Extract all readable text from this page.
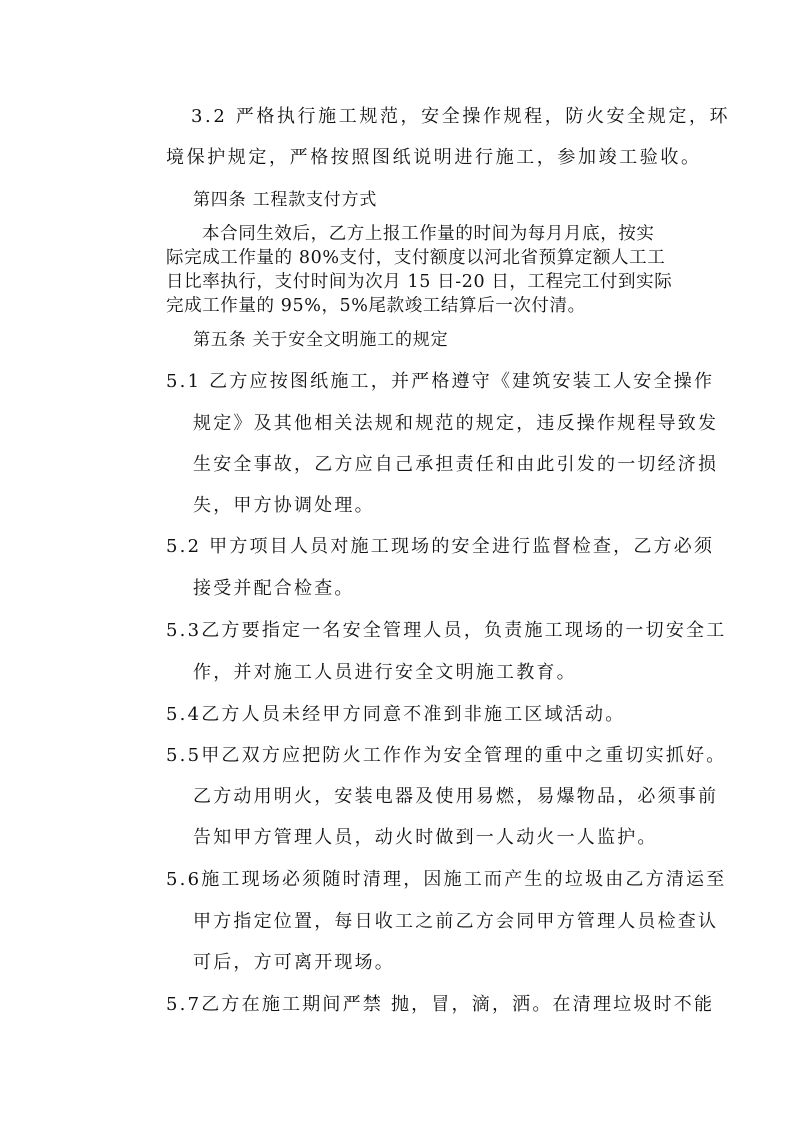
3.2 严格执行施工规范，安全操作规程，防火安全规定，环
境保护规定，严格按照图纸说明进行施工，参加竣工验收。
第四条 工程款支付方式
本合同生效后，乙方上报工作量的时间为每月月底，按实
际完成工作量的 80%支付，支付额度以河北省预算定额人工工
日比率执行，支付时间为次月 15 日-20 日，工程完工付到实际
完成工作量的 95%，5%尾款竣工结算后一次付清。
第五条 关于安全文明施工的规定
5.1 乙方应按图纸施工，并严格遵守《建筑安装工人安全操作
规定》及其他相关法规和规范的规定，违反操作规程导致发
生安全事故，乙方应自己承担责任和由此引发的一切经济损
失，甲方协调处理。
5.2 甲方项目人员对施工现场的安全进行监督检查，乙方必须
接受并配合检查。
5.3乙方要指定一名安全管理人员，负责施工现场的一切安全工
作，并对施工人员进行安全文明施工教育。
5.4乙方人员未经甲方同意不准到非施工区域活动。
5.5甲乙双方应把防火工作作为安全管理的重中之重切实抓好。
乙方动用明火，安装电器及使用易燃，易爆物品，必须事前
告知甲方管理人员，动火时做到一人动火一人监护。
5.6施工现场必须随时清理，因施工而产生的垃圾由乙方清运至
甲方指定位置，每日收工之前乙方会同甲方管理人员检查认
可后，方可离开现场。
5.7乙方在施工期间严禁 抛，冒，滴，洒。在清理垃圾时不能
